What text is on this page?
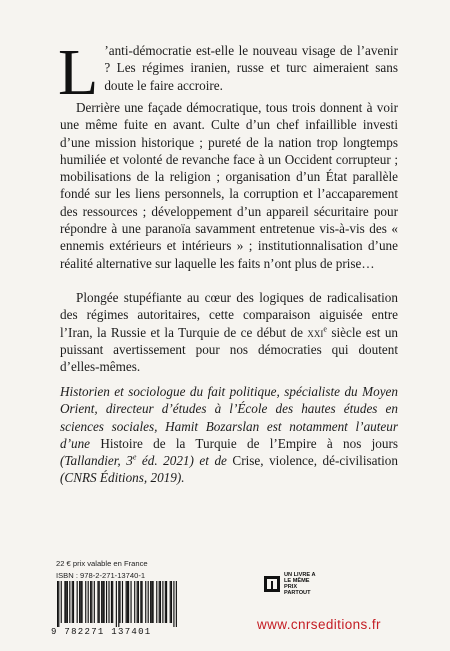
L ’anti-démocratie est-elle le nouveau visage de l’avenir ? Les régimes iranien, russe et turc aimeraient sans doute le faire accroire.

Derrière une façade démocratique, tous trois donnent à voir une même fuite en avant. Culte d’un chef infaillible investi d’une mission historique ; pureté de la nation trop longtemps humiliée et volonté de revanche face à un Occident corrupteur ; mobilisations de la religion ; organisation d’un État parallèle fondé sur les liens personnels, la corruption et l’accaparement des ressources ; développement d’un appareil sécuritaire pour répondre à une paranoïa savamment entretenue vis-à-vis des « ennemis extérieurs et intérieurs » ; institutionnalisation d’une réalité alternative sur laquelle les faits n’ont plus de prise…

Plongée stupéfiante au cœur des logiques de radicalisation des régimes autoritaires, cette comparaison aiguisée entre l’Iran, la Russie et la Turquie de ce début de xxi$^e$ siècle est un puissant avertissement pour nos démocraties qui doutent d’elles-mêmes.

Historien et sociologue du fait politique, spécialiste du Moyen Orient, directeur d’études à l’École des hautes études en sciences sociales, Hamit Bozarslan est notamment l’auteur d’une Histoire de la Turquie de l’Empire à nos jours (Tallandier, 3e éd. 2021) et de Crise, violence, dé-civilisation (CNRS Éditions, 2019).

22 € prix valable en France
ISBN : 978-2-271-13740-1
9 782271 137401
UN LIVRE A
LE MÊME PRIX
PARTOUT
www.cnrseditions.fr
